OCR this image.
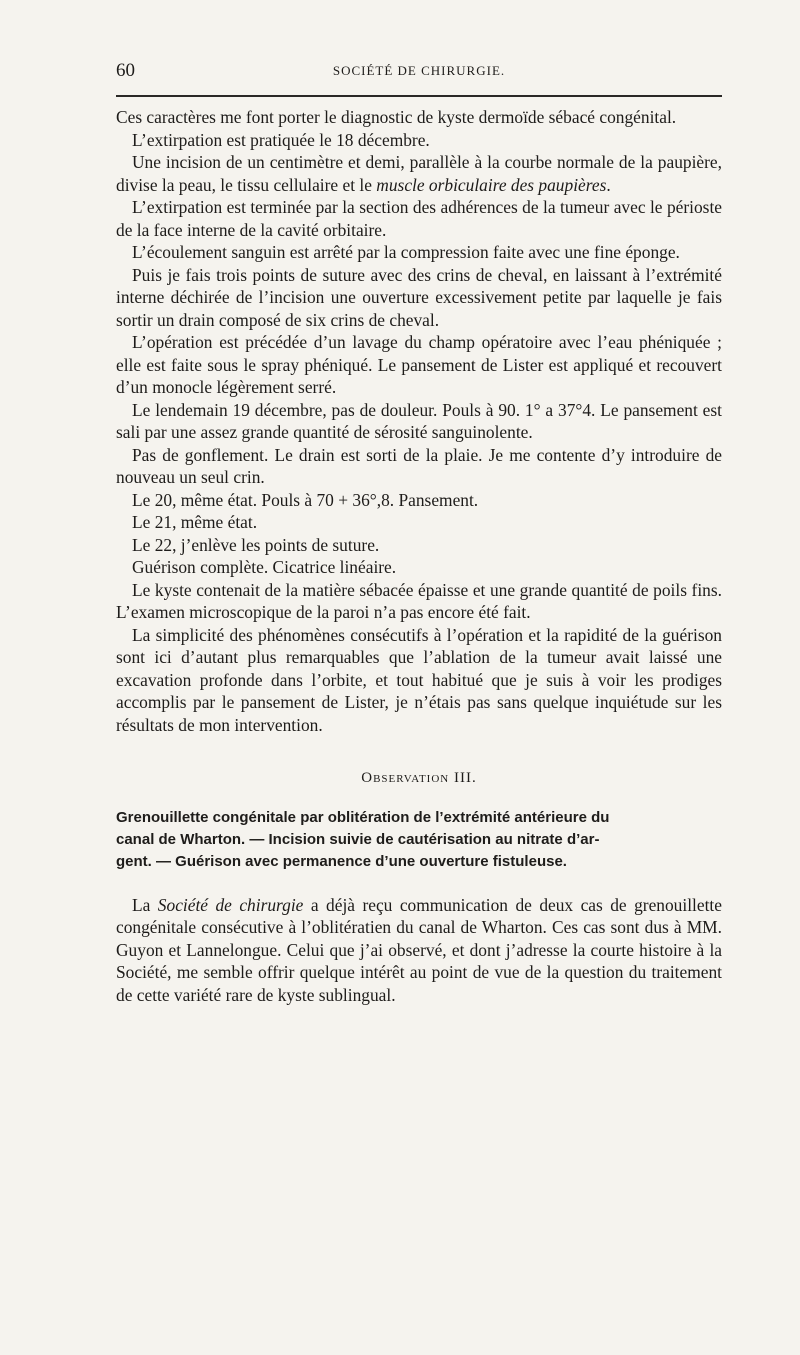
60	SOCIÉTÉ DE CHIRURGIE.

Ces caractères me font porter le diagnostic de kyste dermoïde sébacé congénital.

L’extirpation est pratiquée le 18 décembre.

Une incision de un centimètre et demi, parallèle à la courbe normale de la paupière, divise la peau, le tissu cellulaire et le muscle orbiculaire des paupières.

L’extirpation est terminée par la section des adhérences de la tumeur avec le périoste de la face interne de la cavité orbitaire.

L’écoulement sanguin est arrêté par la compression faite avec une fine éponge.

Puis je fais trois points de suture avec des crins de cheval, en laissant à l’extrémité interne déchirée de l’incision une ouverture excessivement petite par laquelle je fais sortir un drain composé de six crins de cheval.

L’opération est précédée d’un lavage du champ opératoire avec l’eau phéniquée ; elle est faite sous le spray phéniqué. Le pansement de Lister est appliqué et recouvert d’un monocle légèrement serré.

Le lendemain 19 décembre, pas de douleur. Pouls à 90. 1° a 37°4. Le pansement est sali par une assez grande quantité de sérosité sanguinolente.

Pas de gonflement. Le drain est sorti de la plaie. Je me contente d’y introduire de nouveau un seul crin.

Le 20, même état. Pouls à 70 + 36°,8. Pansement.

Le 21, même état.

Le 22, j’enlève les points de suture.

Guérison complète. Cicatrice linéaire.

Le kyste contenait de la matière sébacée épaisse et une grande quantité de poils fins. L’examen microscopique de la paroi n’a pas encore été fait.

La simplicité des phénomènes consécutifs à l’opération et la rapidité de la guérison sont ici d’autant plus remarquables que l’ablation de la tumeur avait laissé une excavation profonde dans l’orbite, et tout habitué que je suis à voir les prodiges accomplis par le pansement de Lister, je n’étais pas sans quelque inquiétude sur les résultats de mon intervention.

Observation III.
Grenouillette congénitale par oblitération de l’extrémité antérieure du
canal de Wharton. — Incision suivie de cautérisation au nitrate d’ar-
gent. — Guérison avec permanence d’une ouverture fistuleuse.

La Société de chirurgie a déjà reçu communication de deux cas de grenouillette congénitale consécutive à l’oblitératien du canal de Wharton. Ces cas sont dus à MM. Guyon et Lannelongue. Celui que j’ai observé, et dont j’adresse la courte histoire à la Société, me semble offrir quelque intérêt au point de vue de la question du traitement de cette variété rare de kyste sublingual.
